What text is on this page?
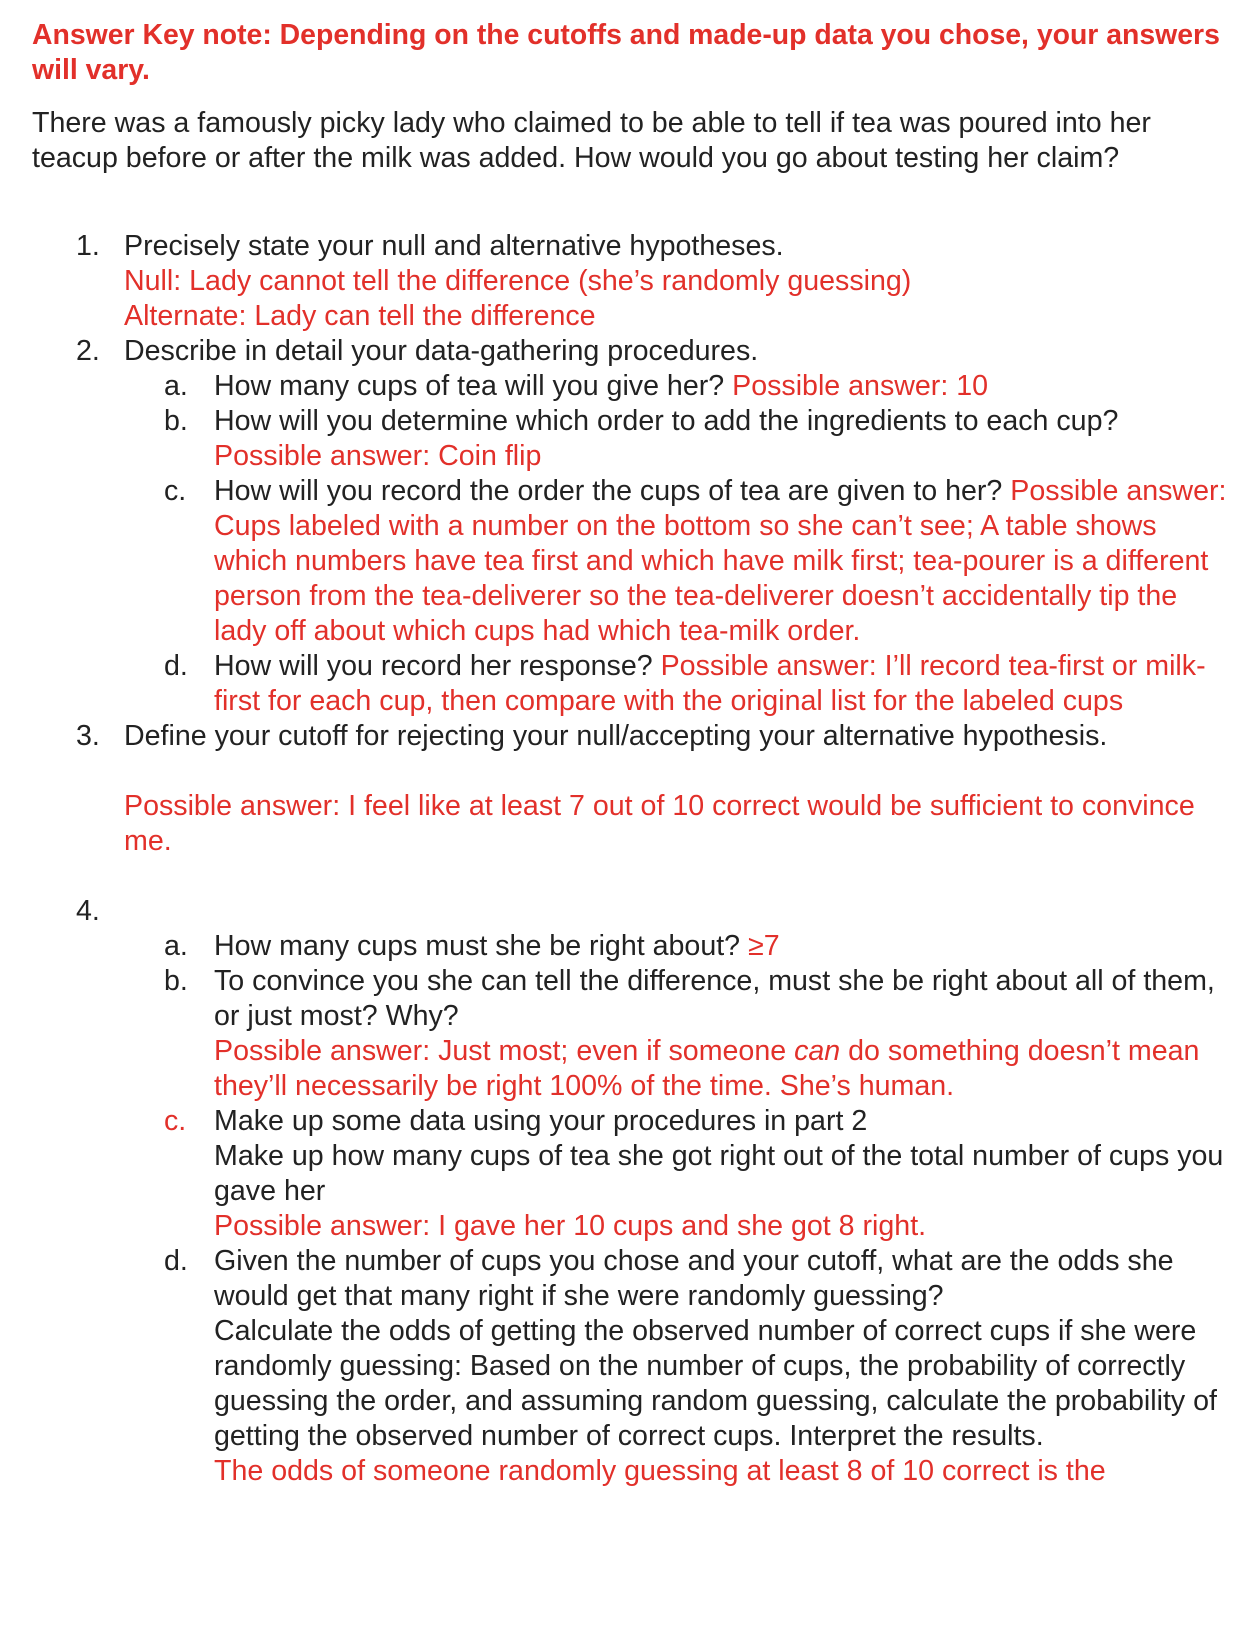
Answer Key note: Depending on the cutoffs and made-up data you chose, your answers will vary.

There was a famously picky lady who claimed to be able to tell if tea was poured into her teacup before or after the milk was added. How would you go about testing her claim?

1. Precisely state your null and alternative hypotheses.
Null: Lady cannot tell the difference (she’s randomly guessing)
Alternate: Lady can tell the difference
2. Describe in detail your data-gathering procedures.
a. How many cups of tea will you give her? Possible answer: 10
b. How will you determine which order to add the ingredients to each cup?
Possible answer: Coin flip
c. How will you record the order the cups of tea are given to her? Possible answer: Cups labeled with a number on the bottom so she can’t see; A table shows which numbers have tea first and which have milk first; tea-pourer is a different person from the tea-deliverer so the tea-deliverer doesn’t accidentally tip the lady off about which cups had which tea-milk order.
d. How will you record her response? Possible answer: I’ll record tea-first or milk-first for each cup, then compare with the original list for the labeled cups
3. Define your cutoff for rejecting your null/accepting your alternative hypothesis.
Possible answer: I feel like at least 7 out of 10 correct would be sufficient to convince me.
4.
a. How many cups must she be right about? ≥7
b. To convince you she can tell the difference, must she be right about all of them, or just most? Why?
Possible answer: Just most; even if someone can do something doesn’t mean they’ll necessarily be right 100% of the time. She’s human.
c. Make up some data using your procedures in part 2
Make up how many cups of tea she got right out of the total number of cups you gave her
Possible answer: I gave her 10 cups and she got 8 right.
d. Given the number of cups you chose and your cutoff, what are the odds she would get that many right if she were randomly guessing?
Calculate the odds of getting the observed number of correct cups if she were randomly guessing: Based on the number of cups, the probability of correctly guessing the order, and assuming random guessing, calculate the probability of getting the observed number of correct cups. Interpret the results.
The odds of someone randomly guessing at least 8 of 10 correct is the
